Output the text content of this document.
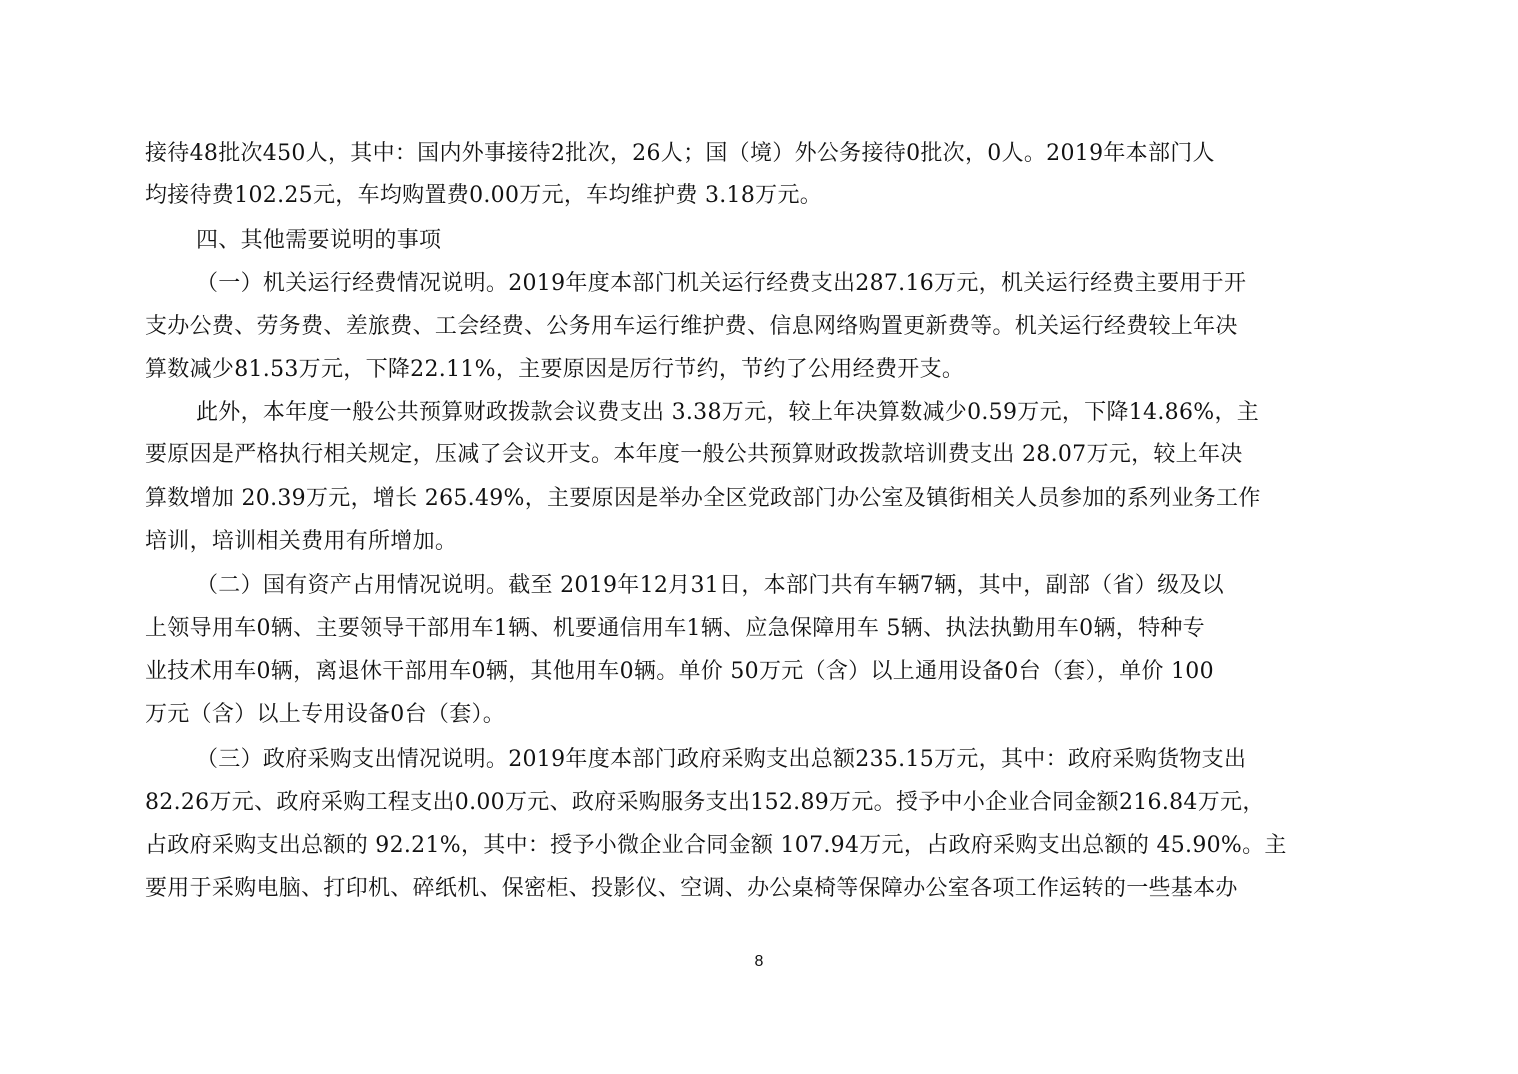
接待48批次450人，其中：国内外事接待2批次，26人；国（境）外公务接待0批次，0人。2019年本部门人
均接待费102.25元，车均购置费0.00万元，车均维护费 3.18万元。
四、其他需要说明的事项
（一）机关运行经费情况说明。2019年度本部门机关运行经费支出287.16万元，机关运行经费主要用于开
支办公费、劳务费、差旅费、工会经费、公务用车运行维护费、信息网络购置更新费等。机关运行经费较上年决
算数减少81.53万元，下降22.11%，主要原因是厉行节约，节约了公用经费开支。
此外，本年度一般公共预算财政拨款会议费支出 3.38万元，较上年决算数减少0.59万元，下降14.86%，主
要原因是严格执行相关规定，压减了会议开支。本年度一般公共预算财政拨款培训费支出 28.07万元，较上年决
算数增加 20.39万元，增长 265.49%，主要原因是举办全区党政部门办公室及镇街相关人员参加的系列业务工作
培训，培训相关费用有所增加。
（二）国有资产占用情况说明。截至 2019年12月31日，本部门共有车辆7辆，其中，副部（省）级及以
上领导用车0辆、主要领导干部用车1辆、机要通信用车1辆、应急保障用车 5辆、执法执勤用车0辆，特种专
业技术用车0辆，离退休干部用车0辆，其他用车0辆。单价 50万元（含）以上通用设备0台（套），单价 100
万元（含）以上专用设备0台（套）。
（三）政府采购支出情况说明。2019年度本部门政府采购支出总额235.15万元，其中：政府采购货物支出
82.26万元、政府采购工程支出0.00万元、政府采购服务支出152.89万元。授予中小企业合同金额216.84万元，
占政府采购支出总额的 92.21%，其中：授予小微企业合同金额 107.94万元，占政府采购支出总额的 45.90%。主
要用于采购电脑、打印机、碎纸机、保密柜、投影仪、空调、办公桌椅等保障办公室各项工作运转的一些基本办
8
